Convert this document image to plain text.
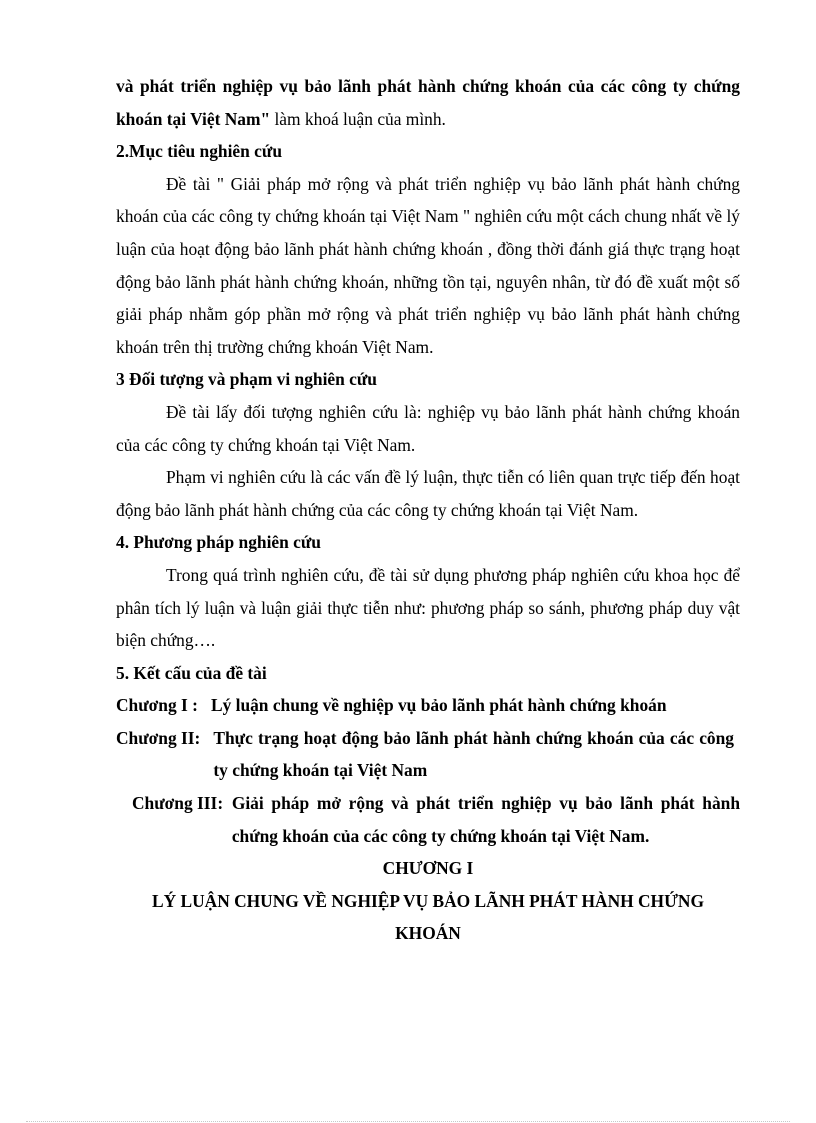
và phát triển nghiệp vụ bảo lãnh phát hành chứng khoán của các công ty chứng khoán tại Việt Nam" làm khoá luận của mình.

2.Mục tiêu nghiên cứu

Đề tài " Giải pháp mở rộng và phát triển nghiệp vụ bảo lãnh phát hành chứng khoán của các công ty chứng khoán tại Việt Nam " nghiên cứu một cách chung nhất về lý luận của hoạt động bảo lãnh phát hành chứng khoán , đồng thời đánh giá thực trạng hoạt động bảo lãnh phát hành chứng khoán, những tồn tại, nguyên nhân, từ đó đề xuất một số giải pháp nhằm góp phần mở rộng và phát triển nghiệp vụ bảo lãnh phát hành chứng khoán trên thị trường chứng khoán Việt Nam.

3 Đối tượng và phạm vi nghiên cứu

Đề tài lấy đối tượng nghiên cứu là: nghiệp vụ bảo lãnh phát hành chứng khoán của các công ty chứng khoán tại Việt Nam.

Phạm vi nghiên cứu là các vấn đề lý luận, thực tiễn có liên quan trực tiếp đến hoạt động bảo lãnh phát hành chứng của các công ty chứng khoán tại Việt Nam.

4. Phương pháp nghiên cứu

Trong quá trình nghiên cứu, đề tài sử dụng phương pháp nghiên cứu khoa học để phân tích lý luận và luận giải thực tiễn như: phương pháp so sánh, phương pháp duy vật biện chứng….

5. Kết cấu của đề tài

Chương I : Lý luận chung về nghiệp vụ bảo lãnh phát hành chứng khoán
Chương II: Thực trạng hoạt động bảo lãnh phát hành chứng khoán của các công ty chứng khoán tại Việt Nam
Chương III: Giải pháp mở rộng và phát triển nghiệp vụ bảo lãnh phát hành chứng khoán của các công ty chứng khoán tại Việt Nam.

CHƯƠNG I

LÝ LUẬN CHUNG VỀ NGHIỆP VỤ BẢO LÃNH PHÁT HÀNH CHỨNG KHOÁN
